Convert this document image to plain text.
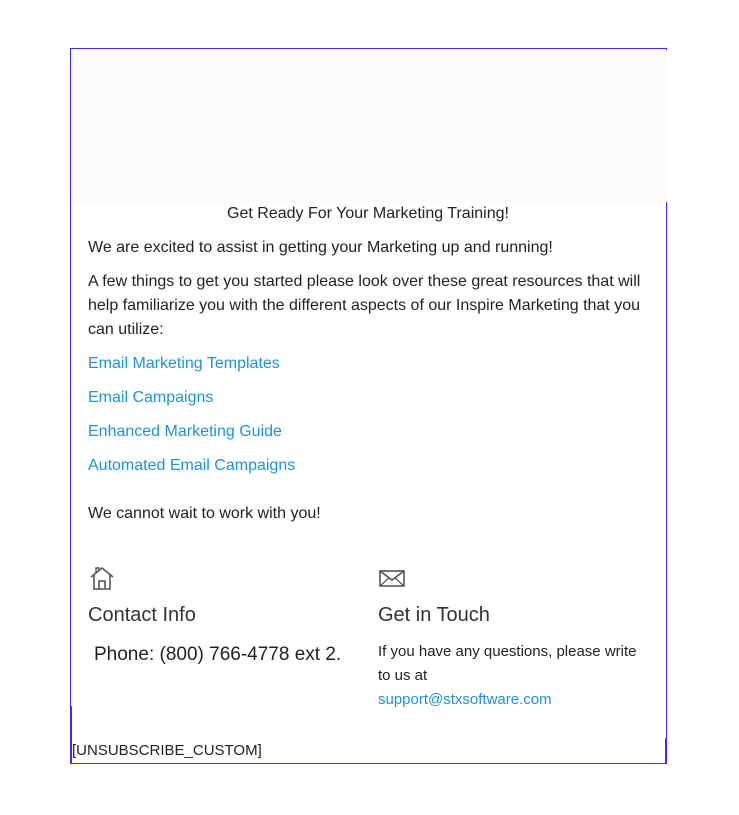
Get Ready For Your Marketing Training!

We are excited to assist in getting your Marketing up and running!

A few things to get you started please look over these great resources that will help familiarize you with the different aspects of our Inspire Marketing that you can utilize:

Email Marketing Templates
Email Campaigns
Enhanced Marketing Guide
Automated Email Campaigns

We cannot wait to work with you!

Contact Info
Phone: (800) 766-4778 ext 2.
Get in Touch
If you have any questions, please write to us at
support@stxsoftware.com
[UNSUBSCRIBE_CUSTOM]
